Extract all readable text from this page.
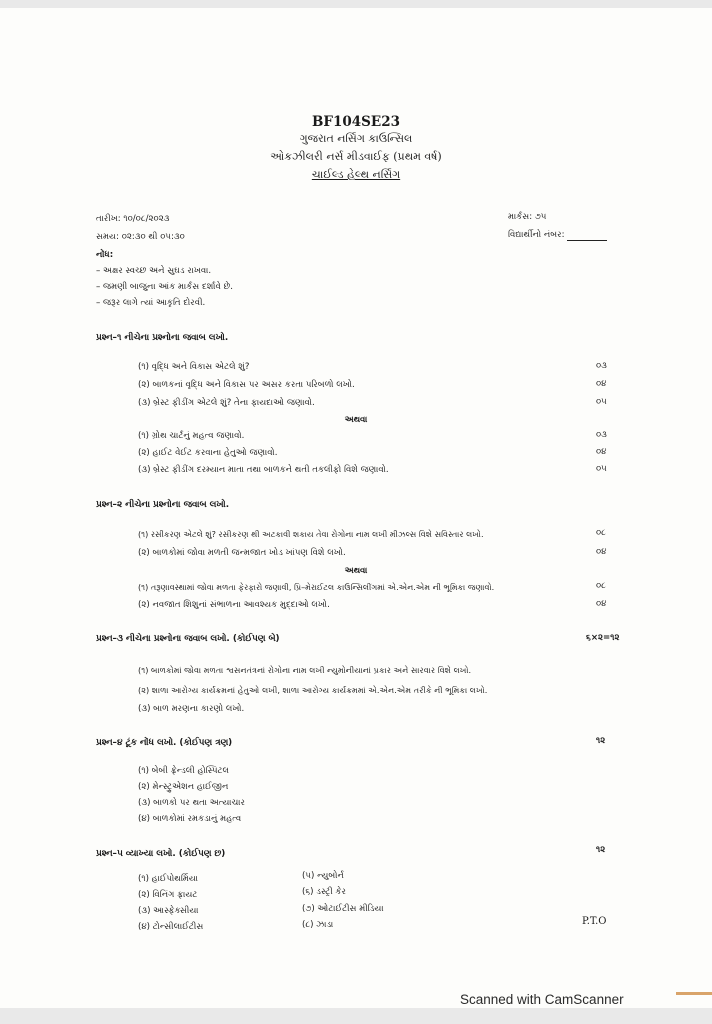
BF104SE23
ગુજરાત નર્સિંગ કાઉન્સિલ
ઓકઝીલરી નર્સ મીડવાઈફ (પ્રથમ વર્ષ)
ચાઈલ્ડ હેલ્થ નર્સિંગ
તારીખ: ૧૦/૦૮/૨૦૨૩
સમય: ૦૨:૩૦ થી ૦૫:૩૦
માર્કસ: ૭૫
વિદ્યાર્થીનો નંબર:
નોંધ:
– અક્ષર સ્વચ્છ અને સુઘડ રાખવા.
– જમણી બાજુના આંક માર્કસ દર્શાવે છે.
– જરૂર લાગે ત્યાં આકૃતિ દોરવી.
પ્રશ્ન–૧ નીચેના પ્રશ્નોના જવાબ લખો.
(૧) વૃદ્ધિ અને વિકાસ એટલે શું?	૦૩
(૨) બાળકનાં વૃદ્ધિ અને વિકાસ પર અસર કરતા પરિબળો લખો.	૦૪
(૩) બ્રેસ્ટ ફીડીંગ એટલે શું? તેના ફાયદાઓ જણાવો.	૦૫
અથવા
(૧) ગ્રોથ ચાર્ટનું મહત્વ જણાવો.	૦૩
(૨) હાઈટ વેઈટ કરવાના હેતુઓ જણાવો.	૦૪
(૩) બ્રેસ્ટ ફીડીંગ દરમ્યાન માતા તથા બાળકને થતી તકલીફો વિશે જણાવો.	૦૫
પ્રશ્ન–૨ નીચેના પ્રશ્નોના જવાબ લખો.
(૧) રસીકરણ એટલે શું? રસીકરણ થી અટકાવી શકાય તેવા રોગોના નામ લખી મીઝલ્સ વિશે સવિસ્તાર લખો.	૦૮
(૨) બાળકોમાં જોવા મળતી જન્મજાત ખોડ ખાંપણ વિશે લખો.	૦૪
અથવા
(૧) તરૂણાવસ્થામાં જોવા મળતા ફેરફારો જણાવી, પ્રિ–મેરાઈટલ કાઉન્સિલીંગમાં એ.એન.એમ ની ભૂમિકા જણાવો.	૦૮
(૨) નવજાત શિશુનાં સંભાળના આવશ્યક મુદ્દાઓ લખો.	૦૪
પ્રશ્ન–૩ નીચેના પ્રશ્નોના જવાબ લખો. (કોઈપણ બે)	૬×૨=૧૨
(૧) બાળકોમાં જોવા મળતા શ્વસનતંત્રનાં રોગોના નામ લખી ન્યુમોનીયાનાં પ્રકાર અને સારવાર વિશે લખો.
(૨) શાળા આરોગ્ય કાર્યક્રમનાં હેતુઓ લખી, શાળા આરોગ્ય કાર્યક્રમમાં એ.એન.એમ તરીકે ની ભૂમિકા લખો.
(૩) બાળ મરણના કારણો લખો.
પ્રશ્ન–૪ ટૂંક નોંધ લખો. (કોઈપણ ત્રણ)	૧૨
(૧) બેબી ફ્રેન્ડલી હોસ્પિટલ
(૨) મેન્સ્ટ્રુએશન હાઈજીન
(૩) બાળકો પર થતા અત્યાચાર
(૪) બાળકોમાં રમકડાનું મહત્વ
પ્રશ્ન–૫ વ્યાખ્યા લખો. (કોઈપણ છ)	૧૨
(૧) હાઈપોથર્મિયા
(૨) વિનિંગ ફ્રાયટ
(૩) આસ્ફેક્સીયા
(૪) ટોન્સીલાઈટીસ
(૫) ન્યુબોર્ન
(૬) ડસ્ટ્રી કેર
(૭) ઓટાઈટીસ મીડિયા
(૮) ઝાડા	P.T.O
Scanned with CamScanner
